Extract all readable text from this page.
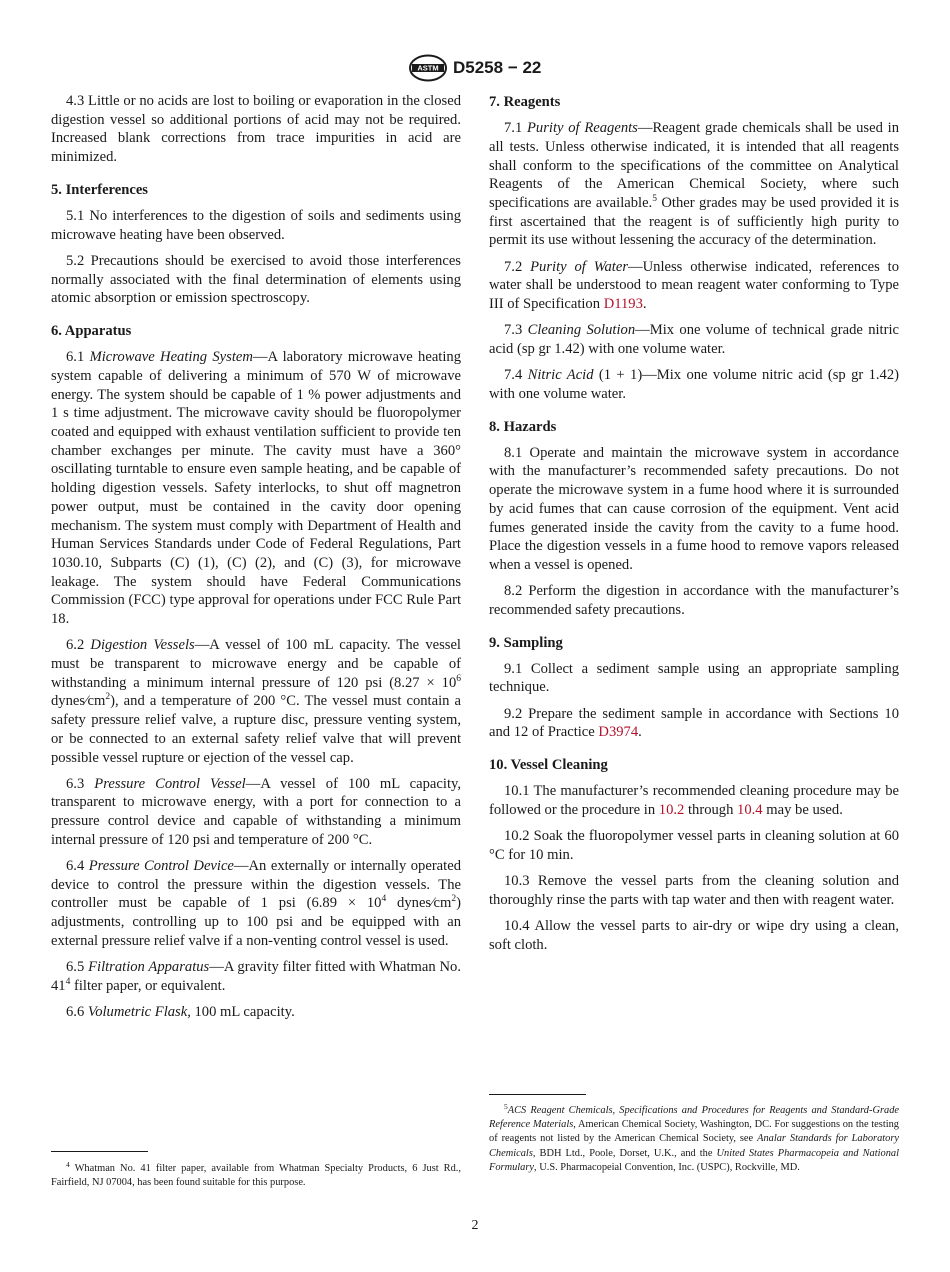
ASTM D5258 − 22

4.3 Little or no acids are lost to boiling or evaporation in the closed digestion vessel so additional portions of acid may not be required. Increased blank corrections from trace impurities in acid are minimized.

5. Interferences

5.1 No interferences to the digestion of soils and sediments using microwave heating have been observed.

5.2 Precautions should be exercised to avoid those interferences normally associated with the final determination of elements using atomic absorption or emission spectroscopy.

6. Apparatus

6.1 Microwave Heating System—A laboratory microwave heating system capable of delivering a minimum of 570 W of microwave energy. The system should be capable of 1 % power adjustments and 1 s time adjustment. The microwave cavity should be fluoropolymer coated and equipped with exhaust ventilation sufficient to provide ten chamber exchanges per minute. The cavity must have a 360° oscillating turntable to ensure even sample heating, and be capable of holding digestion vessels. Safety interlocks, to shut off magnetron power output, must be contained in the cavity door opening mechanism. The system must comply with Department of Health and Human Services Standards under Code of Federal Regulations, Part 1030.10, Subparts (C) (1), (C) (2), and (C) (3), for microwave leakage. The system should have Federal Communications Commission (FCC) type approval for operations under FCC Rule Part 18.

6.2 Digestion Vessels—A vessel of 100 mL capacity. The vessel must be transparent to microwave energy and be capable of withstanding a minimum internal pressure of 120 psi ($8.27 \times 10^6$ $dynes⁄cm^2$), and a temperature of 200 °C. The vessel must contain a safety pressure relief valve, a rupture disc, pressure venting system, or be connected to an external safety relief valve that will prevent possible vessel rupture or ejection of the vessel cap.

6.3 Pressure Control Vessel—A vessel of 100 mL capacity, transparent to microwave energy, with a port for connection to a pressure control device and capable of withstanding a minimum internal pressure of 120 psi and temperature of 200 °C.

6.4 Pressure Control Device—An externally or internally operated device to control the pressure within the digestion vessels. The controller must be capable of 1 psi ($6.89 \times 10^4$ $dynes⁄cm^2$) adjustments, controlling up to 100 psi and be equipped with an external pressure relief valve if a non-venting control vessel is used.

6.5 Filtration Apparatus—A gravity filter fitted with Whatman No. $41^4$ filter paper, or equivalent.

6.6 Volumetric Flask, 100 mL capacity.

7. Reagents

7.1 Purity of Reagents—Reagent grade chemicals shall be used in all tests. Unless otherwise indicated, it is intended that all reagents shall conform to the specifications of the committee on Analytical Reagents of the American Chemical Society, where such specifications are available.$^5$ Other grades may be used provided it is first ascertained that the reagent is of sufficiently high purity to permit its use without lessening the accuracy of the determination.

7.2 Purity of Water—Unless otherwise indicated, references to water shall be understood to mean reagent water conforming to Type III of Specification D1193.

7.3 Cleaning Solution—Mix one volume of technical grade nitric acid (sp gr 1.42) with one volume water.

7.4 Nitric Acid (1 + 1)—Mix one volume nitric acid (sp gr 1.42) with one volume water.

8. Hazards

8.1 Operate and maintain the microwave system in accordance with the manufacturer’s recommended safety precautions. Do not operate the microwave system in a fume hood where it is surrounded by acid fumes that can cause corrosion of the equipment. Vent acid fumes generated inside the cavity from the cavity to a fume hood. Place the digestion vessels in a fume hood to remove vapors released when a vessel is opened.

8.2 Perform the digestion in accordance with the manufacturer’s recommended safety precautions.

9. Sampling

9.1 Collect a sediment sample using an appropriate sampling technique.

9.2 Prepare the sediment sample in accordance with Sections 10 and 12 of Practice D3974.

10. Vessel Cleaning

10.1 The manufacturer’s recommended cleaning procedure may be followed or the procedure in 10.2 through 10.4 may be used.

10.2 Soak the fluoropolymer vessel parts in cleaning solution at 60 °C for 10 min.

10.3 Remove the vessel parts from the cleaning solution and thoroughly rinse the parts with tap water and then with reagent water.

10.4 Allow the vessel parts to air-dry or wipe dry using a clean, soft cloth.

$^4$ Whatman No. 41 filter paper, available from Whatman Specialty Products, 6 Just Rd., Fairfield, NJ 07004, has been found suitable for this purpose.

$^5$ACS Reagent Chemicals, Specifications and Procedures for Reagents and Standard-Grade Reference Materials, American Chemical Society, Washington, DC. For suggestions on the testing of reagents not listed by the American Chemical Society, see Analar Standards for Laboratory Chemicals, BDH Ltd., Poole, Dorset, U.K., and the United States Pharmacopeia and National Formulary, U.S. Pharmacopeial Convention, Inc. (USPC), Rockville, MD.

2
